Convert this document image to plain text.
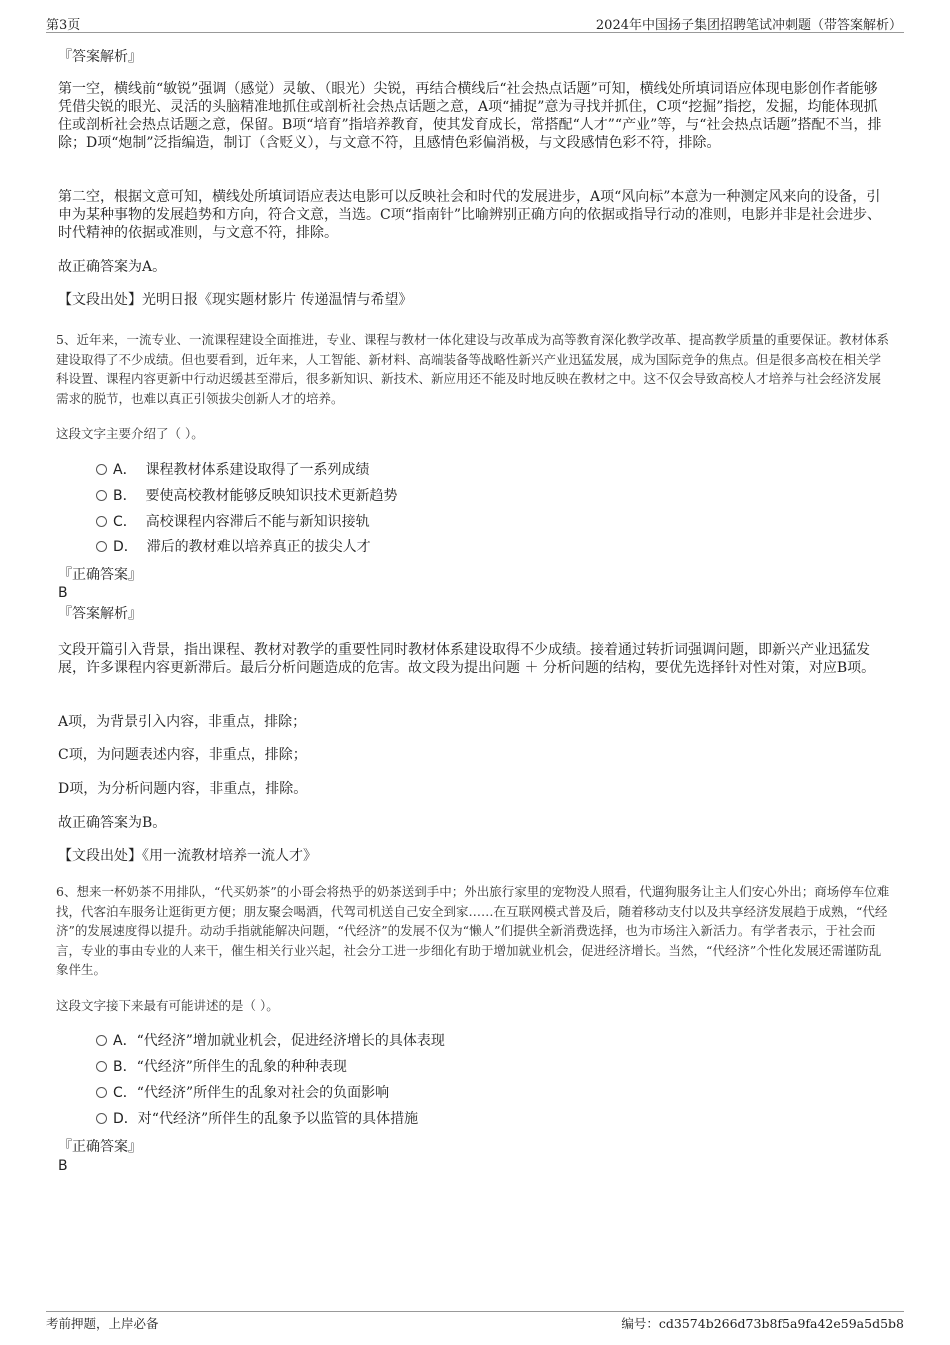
第3页	2024年中国扬子集团招聘笔试冲刺题（带答案解析）
『答案解析』
第一空，横线前“敏锐”强调（感觉）灵敏、（眼光）尖锐，再结合横线后“社会热点话题”可知，横线处所填词语应体现电影创作者能够凭借尖锐的眼光、灵活的头脑精准地抓住或剖析社会热点话题之意，A项“捕捉”意为寻找并抓住，C项“挖掘”指挖，发掘，均能体现抓住或剖析社会热点话题之意，保留。B项“培育”指培养教育，使其发育成长，常搭配“人才”“产业”等，与“社会热点话题”搭配不当，排除；D项“炮制”泛指编造，制订（含贬义），与文意不符，且感情色彩偏消极，与文段感情色彩不符，排除。
第二空，根据文意可知，横线处所填词语应表达电影可以反映社会和时代的发展进步，A项“风向标”本意为一种测定风来向的设备，引申为某种事物的发展趋势和方向，符合文意，当选。C项“指南针”比喻辨别正确方向的依据或指导行动的准则，电影并非是社会进步、时代精神的依据或准则，与文意不符，排除。
故正确答案为A。
【文段出处】光明日报《现实题材影片 传递温情与希望》
5、近年来，一流专业、一流课程建设全面推进，专业、课程与教材一体化建设与改革成为高等教育深化教学改革、提高教学质量的重要保证。教材体系建设取得了不少成绩。但也要看到，近年来，人工智能、新材料、高端装备等战略性新兴产业迅猛发展，成为国际竞争的焦点。但是很多高校在相关学科设置、课程内容更新中行动迟缓甚至滞后，很多新知识、新技术、新应用还不能及时地反映在教材之中。这不仅会导致高校人才培养与社会经济发展需求的脱节，也难以真正引领拔尖创新人才的培养。
这段文字主要介绍了（ ）。
A． 课程教材体系建设取得了一系列成绩
B． 要使高校教材能够反映知识技术更新趋势
C． 高校课程内容滞后不能与新知识接轨
D． 滞后的教材难以培养真正的拔尖人才
『正确答案』
B
『答案解析』
文段开篇引入背景，指出课程、教材对教学的重要性同时教材体系建设取得不少成绩。接着通过转折词强调问题，即新兴产业迅猛发展，许多课程内容更新滞后。最后分析问题造成的危害。故文段为提出问题 ＋ 分析问题的结构，要优先选择针对性对策，对应B项。
A项，为背景引入内容，非重点，排除；
C项，为问题表述内容，非重点，排除；
D项，为分析问题内容，非重点，排除。
故正确答案为B。
【文段出处】《用一流教材培养一流人才》
6、想来一杯奶茶不用排队，“代买奶茶”的小哥会将热乎的奶茶送到手中；外出旅行家里的宠物没人照看，代遛狗服务让主人们安心外出；商场停车位难找，代客泊车服务让逛街更方便；朋友聚会喝酒，代驾司机送自己安全到家……在互联网模式普及后，随着移动支付以及共享经济发展趋于成熟，“代经济”的发展速度得以提升。动动手指就能解决问题，“代经济”的发展不仅为“懒人”们提供全新消费选择，也为市场注入新活力。有学者表示，于社会而言，专业的事由专业的人来干，催生相关行业兴起，社会分工进一步细化有助于增加就业机会，促进经济增长。当然，“代经济”个性化发展还需谨防乱象伴生。
这段文字接下来最有可能讲述的是（ ）。
A．“代经济”增加就业机会，促进经济增长的具体表现
B．“代经济”所伴生的乱象的种种表现
C．“代经济”所伴生的乱象对社会的负面影响
D．对“代经济”所伴生的乱象予以监管的具体措施
『正确答案』
B
考前押题，上岸必备	编号：cd3574b266d73b8f5a9fa42e59a5d5b8
